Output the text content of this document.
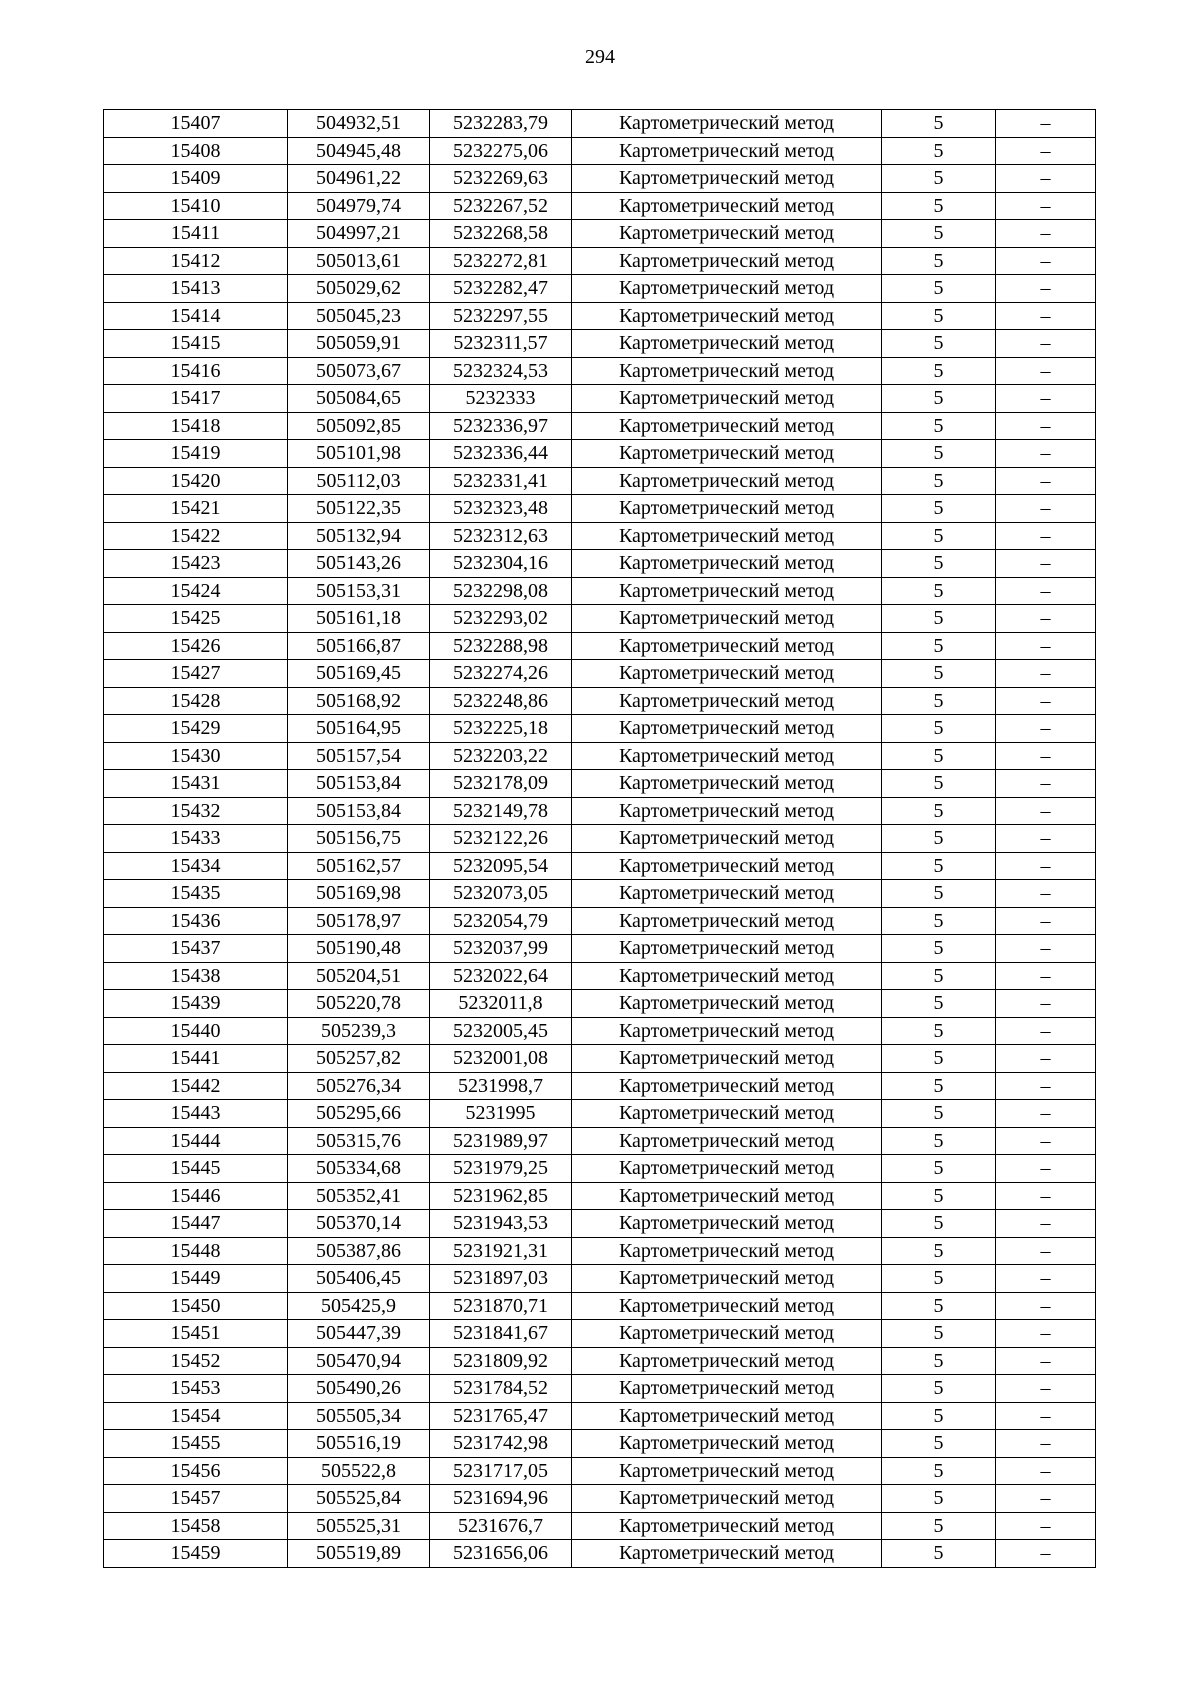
294
15407	504932,51	5232283,79	Картометрический метод	5	–
15408	504945,48	5232275,06	Картометрический метод	5	–
15409	504961,22	5232269,63	Картометрический метод	5	–
15410	504979,74	5232267,52	Картометрический метод	5	–
15411	504997,21	5232268,58	Картометрический метод	5	–
15412	505013,61	5232272,81	Картометрический метод	5	–
15413	505029,62	5232282,47	Картометрический метод	5	–
15414	505045,23	5232297,55	Картометрический метод	5	–
15415	505059,91	5232311,57	Картометрический метод	5	–
15416	505073,67	5232324,53	Картометрический метод	5	–
15417	505084,65	5232333	Картометрический метод	5	–
15418	505092,85	5232336,97	Картометрический метод	5	–
15419	505101,98	5232336,44	Картометрический метод	5	–
15420	505112,03	5232331,41	Картометрический метод	5	–
15421	505122,35	5232323,48	Картометрический метод	5	–
15422	505132,94	5232312,63	Картометрический метод	5	–
15423	505143,26	5232304,16	Картометрический метод	5	–
15424	505153,31	5232298,08	Картометрический метод	5	–
15425	505161,18	5232293,02	Картометрический метод	5	–
15426	505166,87	5232288,98	Картометрический метод	5	–
15427	505169,45	5232274,26	Картометрический метод	5	–
15428	505168,92	5232248,86	Картометрический метод	5	–
15429	505164,95	5232225,18	Картометрический метод	5	–
15430	505157,54	5232203,22	Картометрический метод	5	–
15431	505153,84	5232178,09	Картометрический метод	5	–
15432	505153,84	5232149,78	Картометрический метод	5	–
15433	505156,75	5232122,26	Картометрический метод	5	–
15434	505162,57	5232095,54	Картометрический метод	5	–
15435	505169,98	5232073,05	Картометрический метод	5	–
15436	505178,97	5232054,79	Картометрический метод	5	–
15437	505190,48	5232037,99	Картометрический метод	5	–
15438	505204,51	5232022,64	Картометрический метод	5	–
15439	505220,78	5232011,8	Картометрический метод	5	–
15440	505239,3	5232005,45	Картометрический метод	5	–
15441	505257,82	5232001,08	Картометрический метод	5	–
15442	505276,34	5231998,7	Картометрический метод	5	–
15443	505295,66	5231995	Картометрический метод	5	–
15444	505315,76	5231989,97	Картометрический метод	5	–
15445	505334,68	5231979,25	Картометрический метод	5	–
15446	505352,41	5231962,85	Картометрический метод	5	–
15447	505370,14	5231943,53	Картометрический метод	5	–
15448	505387,86	5231921,31	Картометрический метод	5	–
15449	505406,45	5231897,03	Картометрический метод	5	–
15450	505425,9	5231870,71	Картометрический метод	5	–
15451	505447,39	5231841,67	Картометрический метод	5	–
15452	505470,94	5231809,92	Картометрический метод	5	–
15453	505490,26	5231784,52	Картометрический метод	5	–
15454	505505,34	5231765,47	Картометрический метод	5	–
15455	505516,19	5231742,98	Картометрический метод	5	–
15456	505522,8	5231717,05	Картометрический метод	5	–
15457	505525,84	5231694,96	Картометрический метод	5	–
15458	505525,31	5231676,7	Картометрический метод	5	–
15459	505519,89	5231656,06	Картометрический метод	5	–
